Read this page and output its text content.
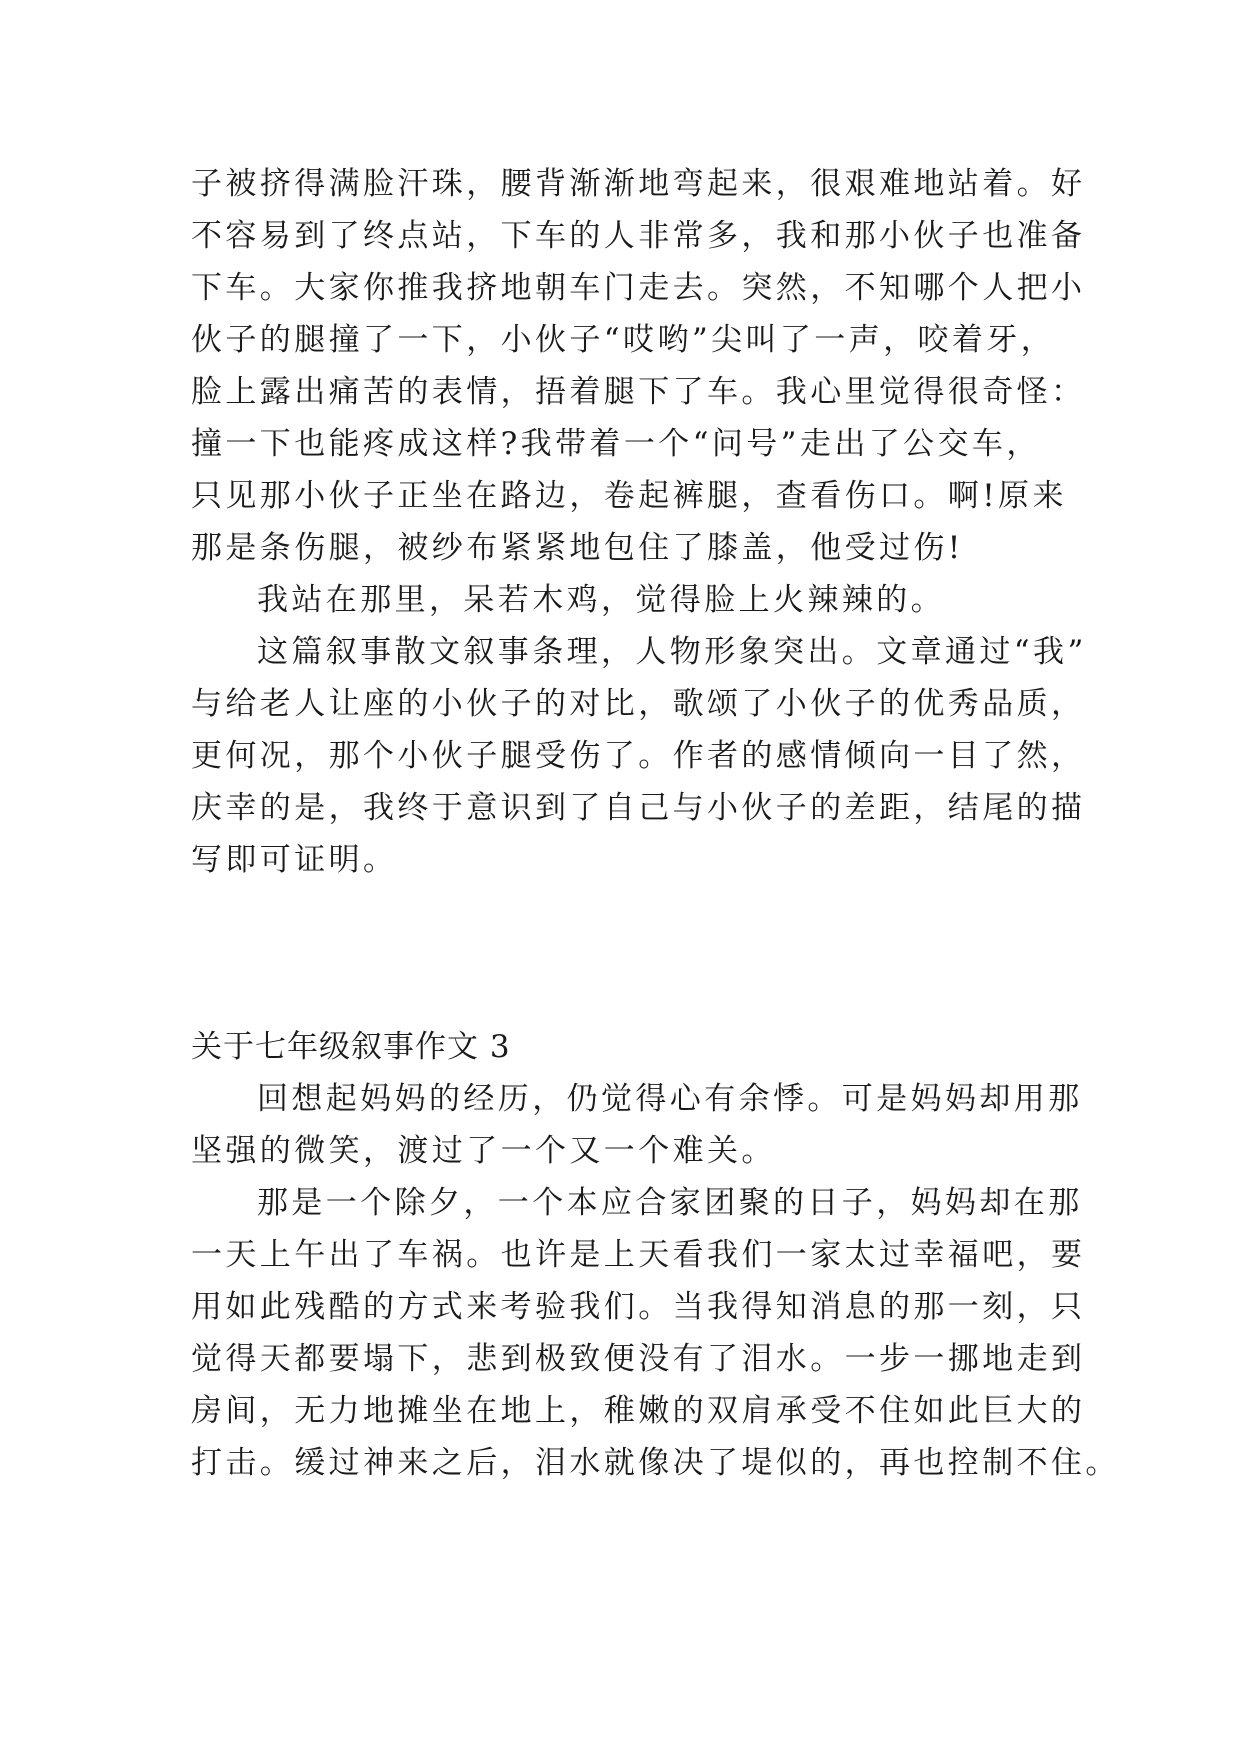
子被挤得满脸汗珠，腰背渐渐地弯起来，很艰难地站着。好
不容易到了终点站，下车的人非常多，我和那小伙子也准备
下车。大家你推我挤地朝车门走去。突然，不知哪个人把小
伙子的腿撞了一下，小伙子“哎哟”尖叫了一声，咬着牙，
脸上露出痛苦的表情，捂着腿下了车。我心里觉得很奇怪：
撞一下也能疼成这样?我带着一个“问号”走出了公交车，
只见那小伙子正坐在路边，卷起裤腿，查看伤口。啊!原来
那是条伤腿，被纱布紧紧地包住了膝盖，他受过伤!
我站在那里，呆若木鸡，觉得脸上火辣辣的。
这篇叙事散文叙事条理，人物形象突出。文章通过“我”
与给老人让座的小伙子的对比，歌颂了小伙子的优秀品质，
更何况，那个小伙子腿受伤了。作者的感情倾向一目了然，
庆幸的是，我终于意识到了自己与小伙子的差距，结尾的描
写即可证明。
关于七年级叙事作文 3
回想起妈妈的经历，仍觉得心有余悸。可是妈妈却用那
坚强的微笑，渡过了一个又一个难关。
那是一个除夕，一个本应合家团聚的日子，妈妈却在那
一天上午出了车祸。也许是上天看我们一家太过幸福吧，要
用如此残酷的方式来考验我们。当我得知消息的那一刻，只
觉得天都要塌下，悲到极致便没有了泪水。一步一挪地走到
房间，无力地摊坐在地上，稚嫩的双肩承受不住如此巨大的
打击。缓过神来之后，泪水就像决了堤似的，再也控制不住。
